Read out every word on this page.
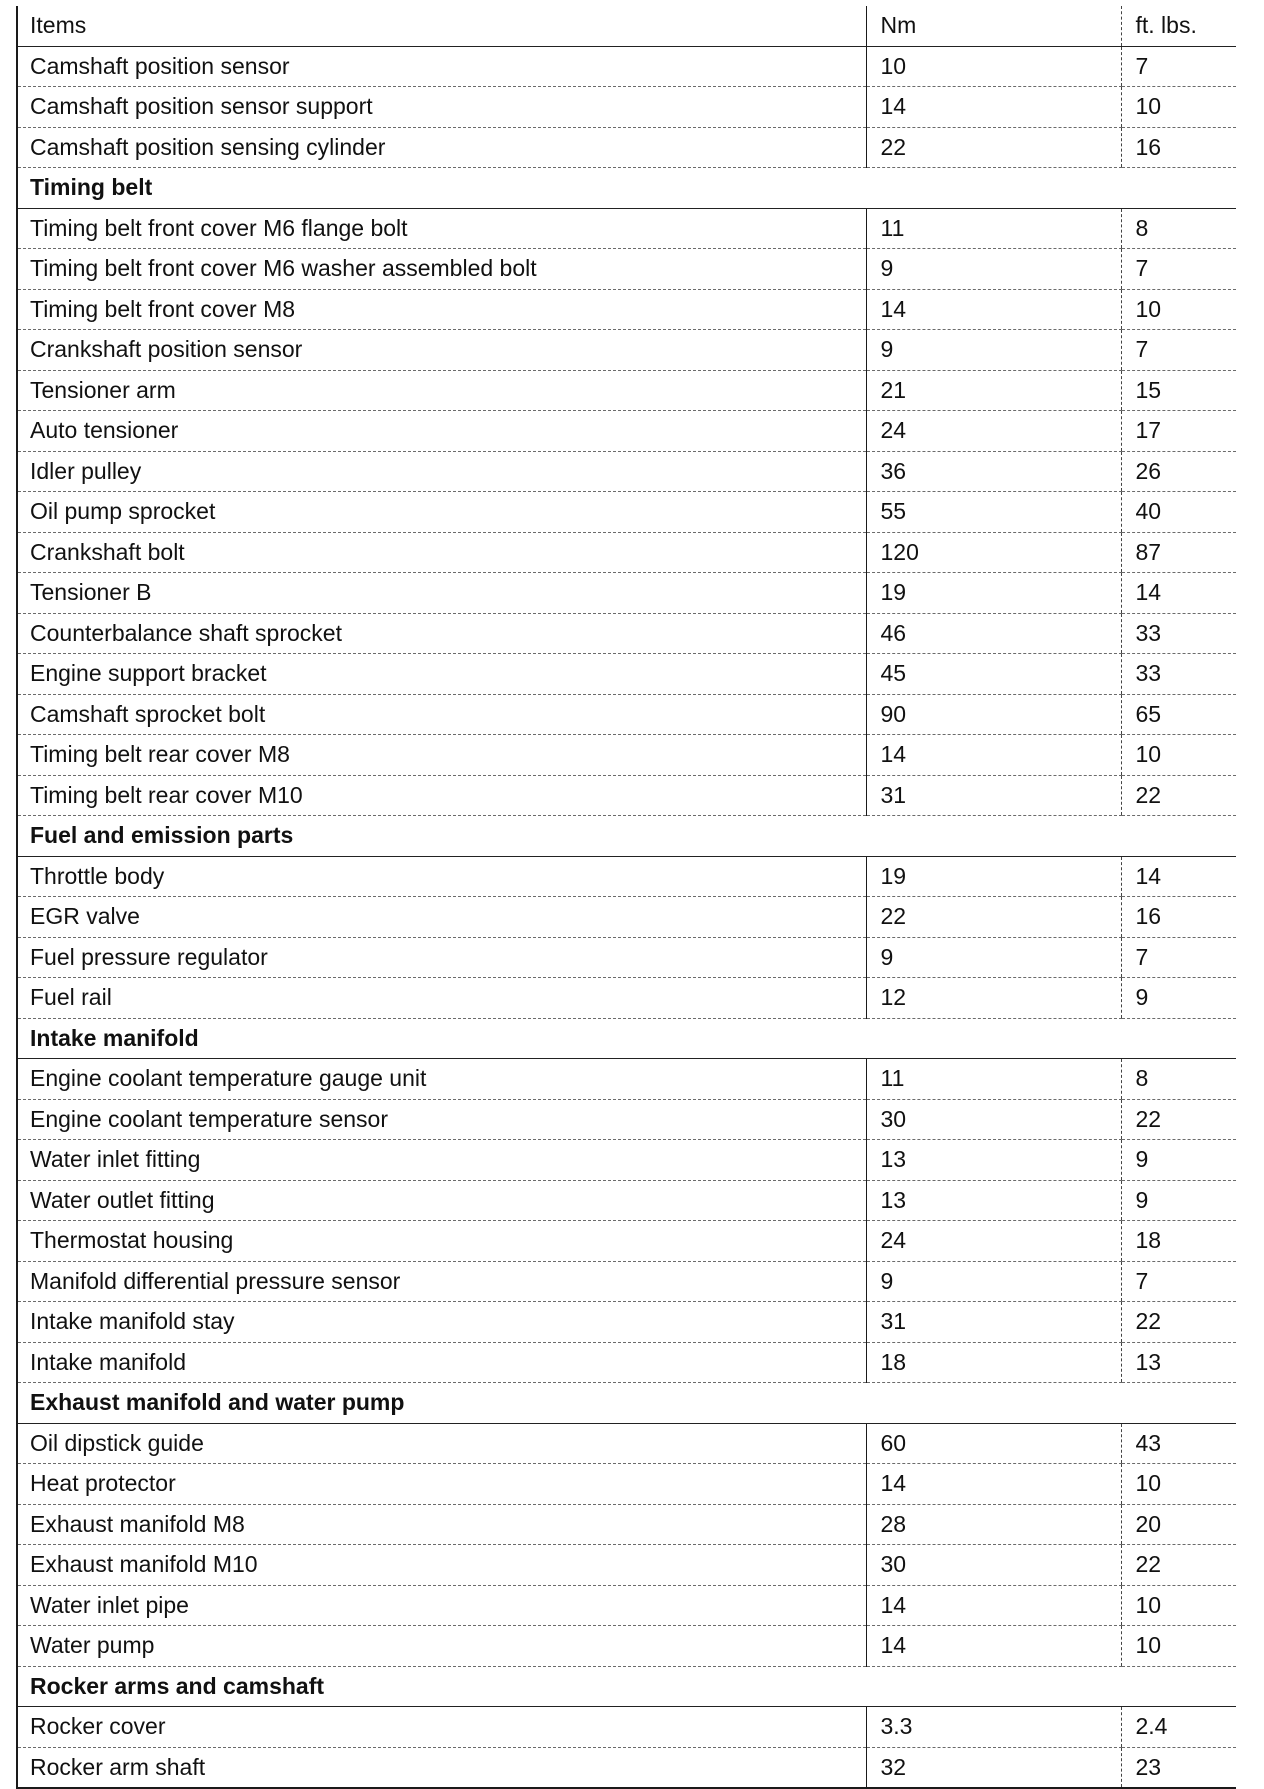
Items	Nm	ft. lbs.
Camshaft position sensor	10	7
Camshaft position sensor support	14	10
Camshaft position sensing cylinder	22	16
Timing belt		
Timing belt front cover M6 flange bolt	11	8
Timing belt front cover M6 washer assembled bolt	9	7
Timing belt front cover M8	14	10
Crankshaft position sensor	9	7
Tensioner arm	21	15
Auto tensioner	24	17
Idler pulley	36	26
Oil pump sprocket	55	40
Crankshaft bolt	120	87
Tensioner B	19	14
Counterbalance shaft sprocket	46	33
Engine support bracket	45	33
Camshaft sprocket bolt	90	65
Timing belt rear cover M8	14	10
Timing belt rear cover M10	31	22
Fuel and emission parts		
Throttle body	19	14
EGR valve	22	16
Fuel pressure regulator	9	7
Fuel rail	12	9
Intake manifold		
Engine coolant temperature gauge unit	11	8
Engine coolant temperature sensor	30	22
Water inlet fitting	13	9
Water outlet fitting	13	9
Thermostat housing	24	18
Manifold differential pressure sensor	9	7
Intake manifold stay	31	22
Intake manifold	18	13
Exhaust manifold and water pump		
Oil dipstick guide	60	43
Heat protector	14	10
Exhaust manifold M8	28	20
Exhaust manifold M10	30	22
Water inlet pipe	14	10
Water pump	14	10
Rocker arms and camshaft		
Rocker cover	3.3	2.4
Rocker arm shaft	32	23
